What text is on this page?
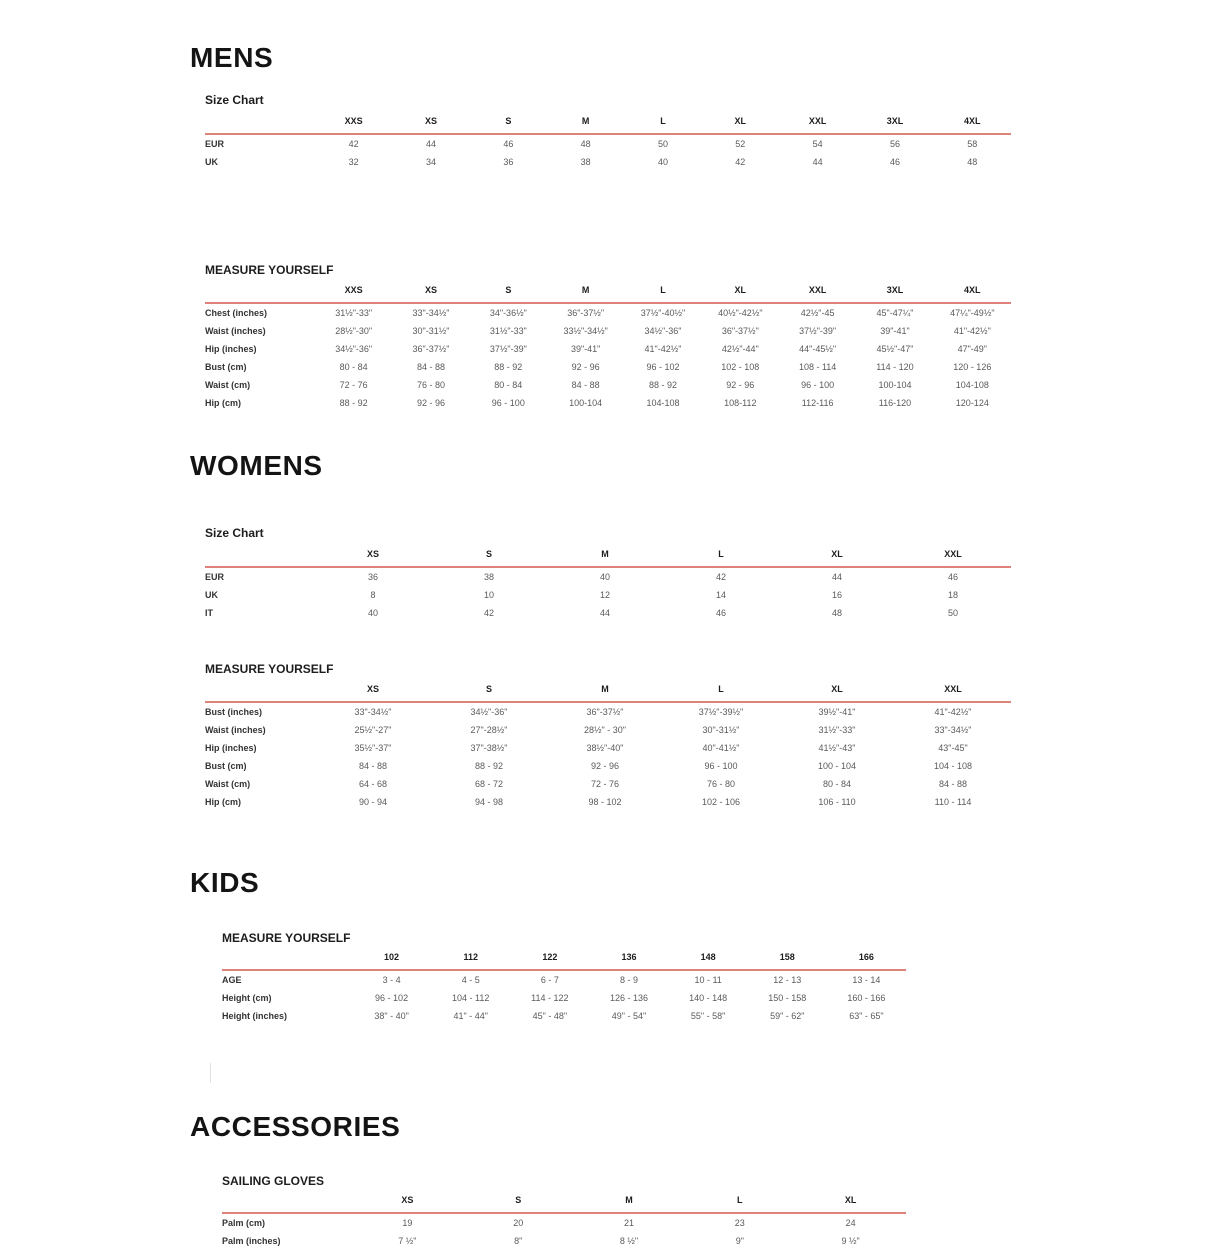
MENS
Size Chart
	XXS	XS	S	M	L	XL	XXL	3XL	4XL
EUR	42	44	46	48	50	52	54	56	58
UK	32	34	36	38	40	42	44	46	48
MEASURE YOURSELF
	XXS	XS	S	M	L	XL	XXL	3XL	4XL
Chest (inches)	31½"-33"	33"-34½"	34"-36½"	36"-37½"	37½"-40½"	40½"-42½"	42½"-45	45"-47¼"	47¼"-49½"
Waist (inches)	28½"-30"	30"-31½"	31½"-33"	33½"-34½"	34½"-36"	36"-37½"	37½"-39"	39"-41"	41"-42½"
Hip (inches)	34½"-36"	36"-37½"	37½"-39"	39"-41"	41"-42½"	42½"-44"	44"-45½"	45½"-47"	47"-49"
Bust (cm)	80 - 84	84 - 88	88 - 92	92 - 96	96 - 102	102 - 108	108 - 114	114 - 120	120 - 126
Waist (cm)	72 - 76	76 - 80	80 - 84	84 - 88	88 - 92	92 - 96	96 - 100	100-104	104-108
Hip (cm)	88 - 92	92 - 96	96 - 100	100-104	104-108	108-112	112-116	116-120	120-124
WOMENS
Size Chart
	XS	S	M	L	XL	XXL
EUR	36	38	40	42	44	46
UK	8	10	12	14	16	18
IT	40	42	44	46	48	50
MEASURE YOURSELF
	XS	S	M	L	XL	XXL
Bust (inches)	33"-34½"	34½"-36"	36"-37½"	37½"-39½"	39½"-41"	41"-42½"
Waist (inches)	25½"-27"	27"-28½"	28½" - 30"	30"-31½"	31½"-33"	33"-34½"
Hip (inches)	35½"-37"	37"-38½"	38½"-40"	40"-41½"	41½"-43"	43"-45"
Bust (cm)	84 - 88	88 - 92	92 - 96	96 - 100	100 - 104	104 - 108
Waist (cm)	64 - 68	68 - 72	72 - 76	76 - 80	80 - 84	84 - 88
Hip (cm)	90 - 94	94 - 98	98 - 102	102 - 106	106 - 110	110 - 114
KIDS
MEASURE YOURSELF
	102	112	122	136	148	158	166
AGE	3 - 4	4 - 5	6 - 7	8 - 9	10 - 11	12 - 13	13 - 14
Height (cm)	96 - 102	104 - 112	114 - 122	126 - 136	140 - 148	150 - 158	160 - 166
Height (inches)	38" - 40"	41" - 44"	45" - 48"	49" - 54"	55" - 58"	59" - 62"	63" - 65"
ACCESSORIES
SAILING GLOVES
	XS	S	M	L	XL
Palm (cm)	19	20	21	23	24
Palm (inches)	7 ½"	8"	8 ½"	9"	9 ½"
